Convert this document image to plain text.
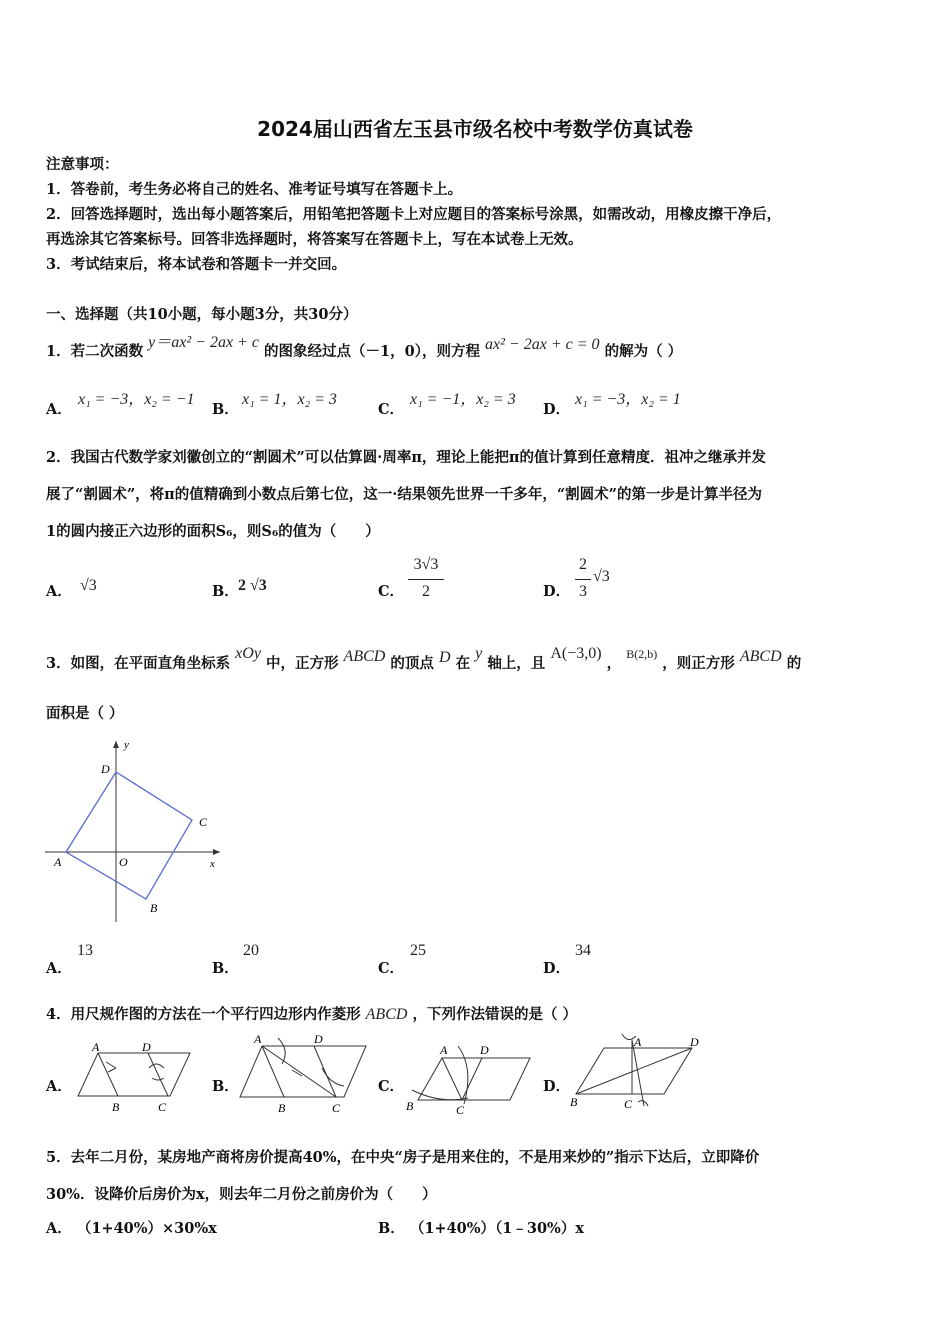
2024届山西省左玉县市级名校中考数学仿真试卷
注意事项：
1．答卷前，考生务必将自己的姓名、准考证号填写在答题卡上。
2．回答选择题时，选出每小题答案后，用铅笔把答题卡上对应题目的答案标号涂黑，如需改动，用橡皮擦干净后，
再选涂其它答案标号。回答非选择题时，将答案写在答题卡上，写在本试卷上无效。
3．考试结束后，将本试卷和答题卡一并交回。
一、选择题（共10小题，每小题3分，共30分）
1．若二次函数 y＝ax² − 2ax + c 的图象经过点（－1，0），则方程 ax² − 2ax + c = 0 的解为（ ）
A．
x₁ = −3，x₂ = −1
B．
x₁ = 1，x₂ = 3
C．
x₁ = −1，x₂ = 3
D．
x₁ = −3，x₂ = 1
2．我国古代数学家刘徽创立的“割圆术”可以估算圆·周率π，理论上能把π的值计算到任意精度．祖冲之继承并发
展了“割圆术”，将π的值精确到小数点后第七位，这一·结果领先世界一千多年，“割圆术”的第一步是计算半径为
1的圆内接正六边形的面积S₆，则S₆的值为（　　）
A． √3	B． 2 √3	C．
3√3
2	D．
2
3
√3
3．如图，在平面直角坐标系 xOy 中，正方形 ABCD 的顶点 D 在 y 轴上，且 A(−3,0) ， $^{B(2,b)}$ ，则正方形 ABCD 的
面积是（ ）
y
x
D
C
A	O
B
A．
13
B．
20
C．
25
D．
34
4．用尺规作图的方法在一个平行四边形内作菱形 ABCD ，下列作法错误的是（ ）
A．
A	D
B	C
B．
A	D
B	C
C．
A	D
B	C
D．
A	D
B	C
5．去年二月份，某房地产商将房价提高40%，在中央“房子是用来住的，不是用来炒的”指示下达后，立即降价
30%．设降价后房价为x，则去年二月份之前房价为（　　）
A． （1+40%）×30%x	B． （1+40%）（1﹣30%）x
